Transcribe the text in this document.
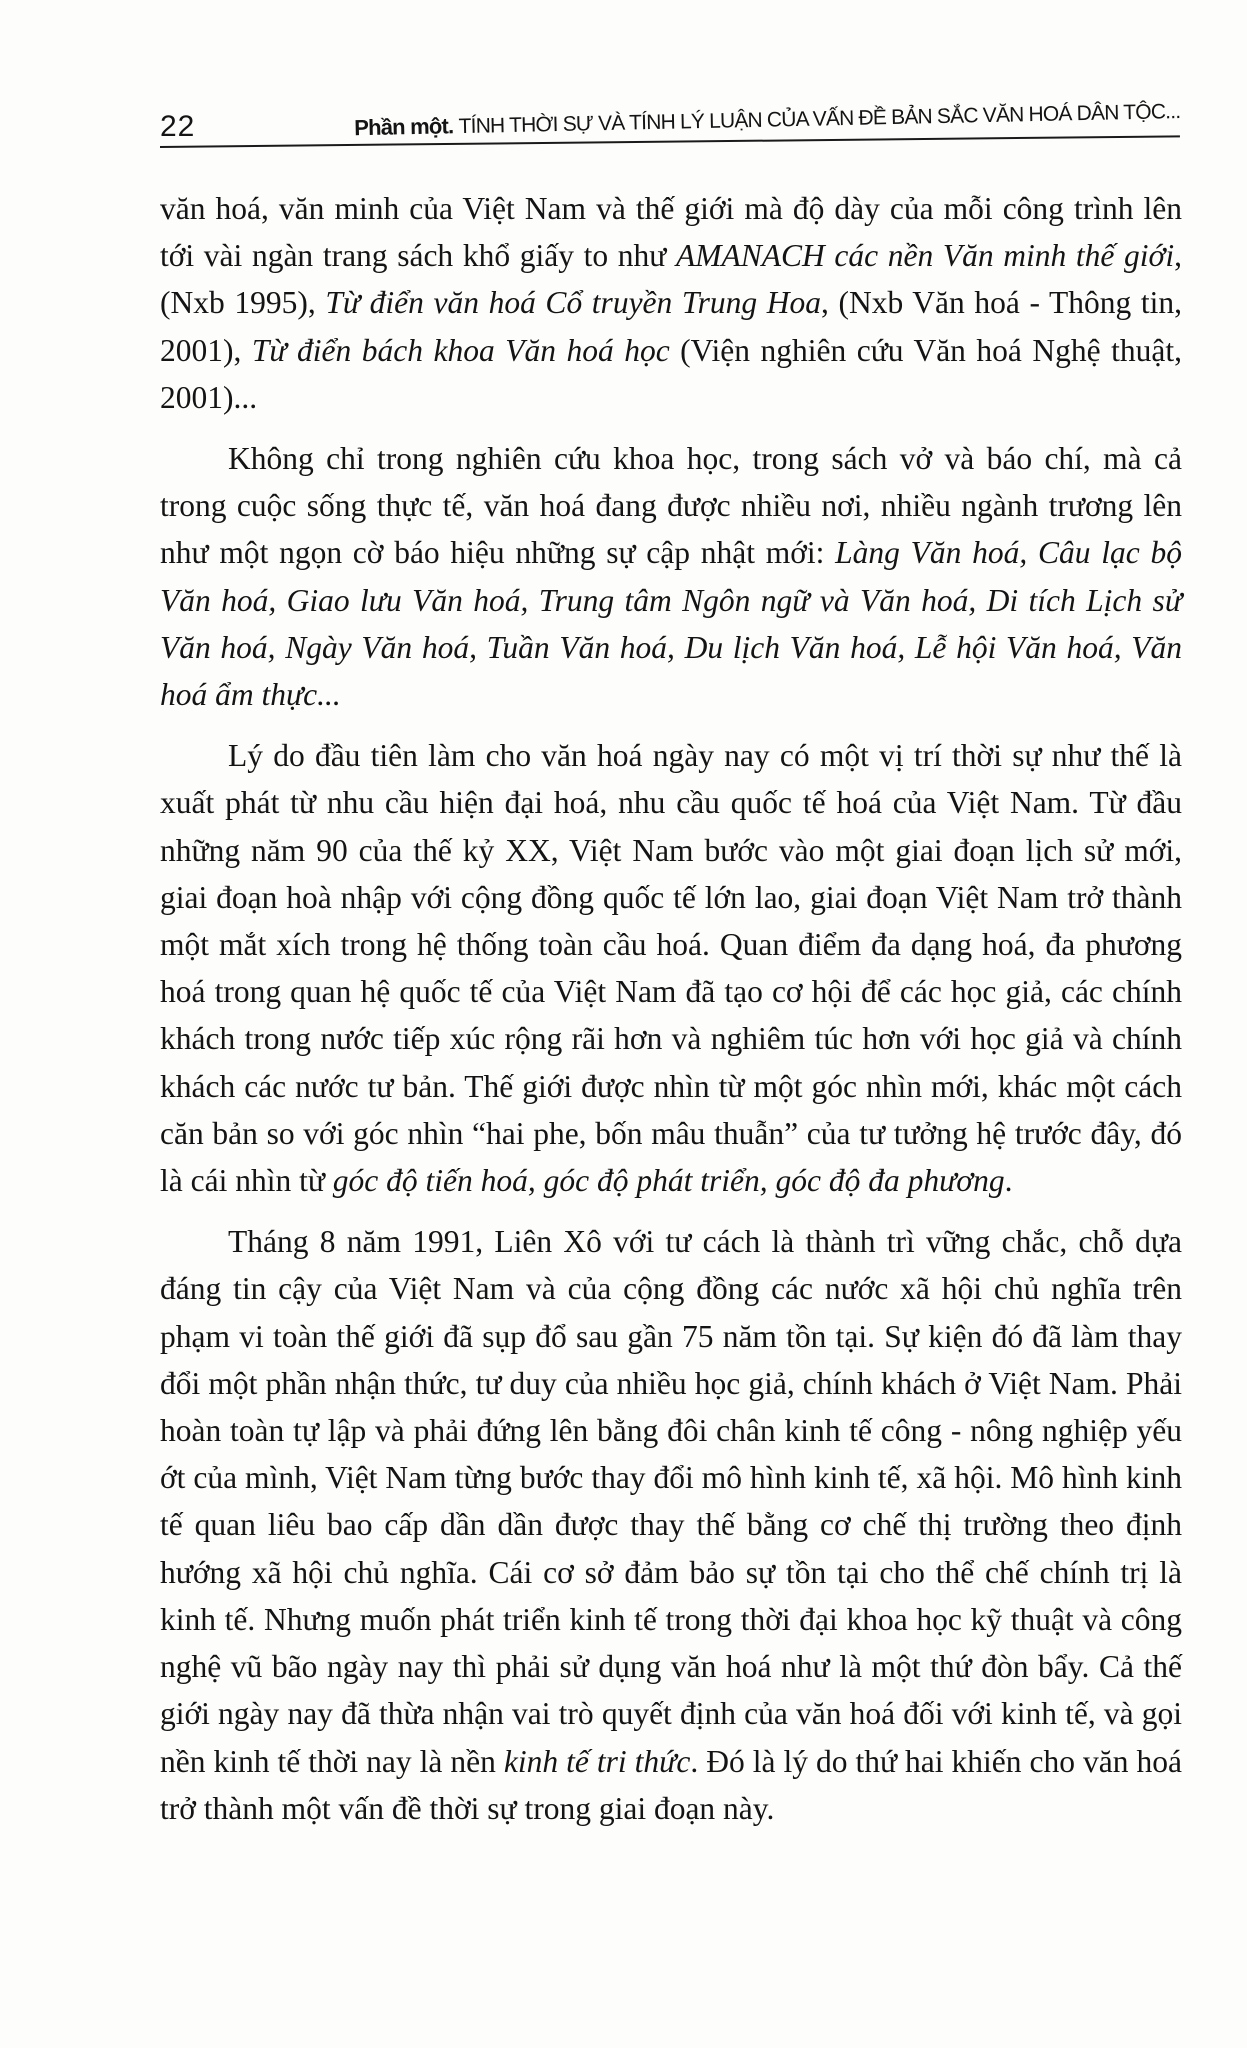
22	Phần một. TÍNH THỜI SỰ VÀ TÍNH LÝ LUẬN CỦA VẤN ĐỀ BẢN SẮC VĂN HOÁ DÂN TỘC...

văn hoá, văn minh của Việt Nam và thế giới mà độ dày của mỗi công trình lên tới vài ngàn trang sách khổ giấy to như AMANACH các nền Văn minh thế giới, (Nxb 1995), Từ điển văn hoá Cổ truyền Trung Hoa, (Nxb Văn hoá - Thông tin, 2001), Từ điển bách khoa Văn hoá học (Viện nghiên cứu Văn hoá Nghệ thuật, 2001)...

Không chỉ trong nghiên cứu khoa học, trong sách vở và báo chí, mà cả trong cuộc sống thực tế, văn hoá đang được nhiều nơi, nhiều ngành trương lên như một ngọn cờ báo hiệu những sự cập nhật mới: Làng Văn hoá, Câu lạc bộ Văn hoá, Giao lưu Văn hoá, Trung tâm Ngôn ngữ và Văn hoá, Di tích Lịch sử Văn hoá, Ngày Văn hoá, Tuần Văn hoá, Du lịch Văn hoá, Lễ hội Văn hoá, Văn hoá ẩm thực...

Lý do đầu tiên làm cho văn hoá ngày nay có một vị trí thời sự như thế là xuất phát từ nhu cầu hiện đại hoá, nhu cầu quốc tế hoá của Việt Nam. Từ đầu những năm 90 của thế kỷ XX, Việt Nam bước vào một giai đoạn lịch sử mới, giai đoạn hoà nhập với cộng đồng quốc tế lớn lao, giai đoạn Việt Nam trở thành một mắt xích trong hệ thống toàn cầu hoá. Quan điểm đa dạng hoá, đa phương hoá trong quan hệ quốc tế của Việt Nam đã tạo cơ hội để các học giả, các chính khách trong nước tiếp xúc rộng rãi hơn và nghiêm túc hơn với học giả và chính khách các nước tư bản. Thế giới được nhìn từ một góc nhìn mới, khác một cách căn bản so với góc nhìn “hai phe, bốn mâu thuẫn” của tư tưởng hệ trước đây, đó là cái nhìn từ góc độ tiến hoá, góc độ phát triển, góc độ đa phương.

Tháng 8 năm 1991, Liên Xô với tư cách là thành trì vững chắc, chỗ dựa đáng tin cậy của Việt Nam và của cộng đồng các nước xã hội chủ nghĩa trên phạm vi toàn thế giới đã sụp đổ sau gần 75 năm tồn tại. Sự kiện đó đã làm thay đổi một phần nhận thức, tư duy của nhiều học giả, chính khách ở Việt Nam. Phải hoàn toàn tự lập và phải đứng lên bằng đôi chân kinh tế công - nông nghiệp yếu ớt của mình, Việt Nam từng bước thay đổi mô hình kinh tế, xã hội. Mô hình kinh tế quan liêu bao cấp dần dần được thay thế bằng cơ chế thị trường theo định hướng xã hội chủ nghĩa. Cái cơ sở đảm bảo sự tồn tại cho thể chế chính trị là kinh tế. Nhưng muốn phát triển kinh tế trong thời đại khoa học kỹ thuật và công nghệ vũ bão ngày nay thì phải sử dụng văn hoá như là một thứ đòn bẩy. Cả thế giới ngày nay đã thừa nhận vai trò quyết định của văn hoá đối với kinh tế, và gọi nền kinh tế thời nay là nền kinh tế tri thức. Đó là lý do thứ hai khiến cho văn hoá trở thành một vấn đề thời sự trong giai đoạn này.
